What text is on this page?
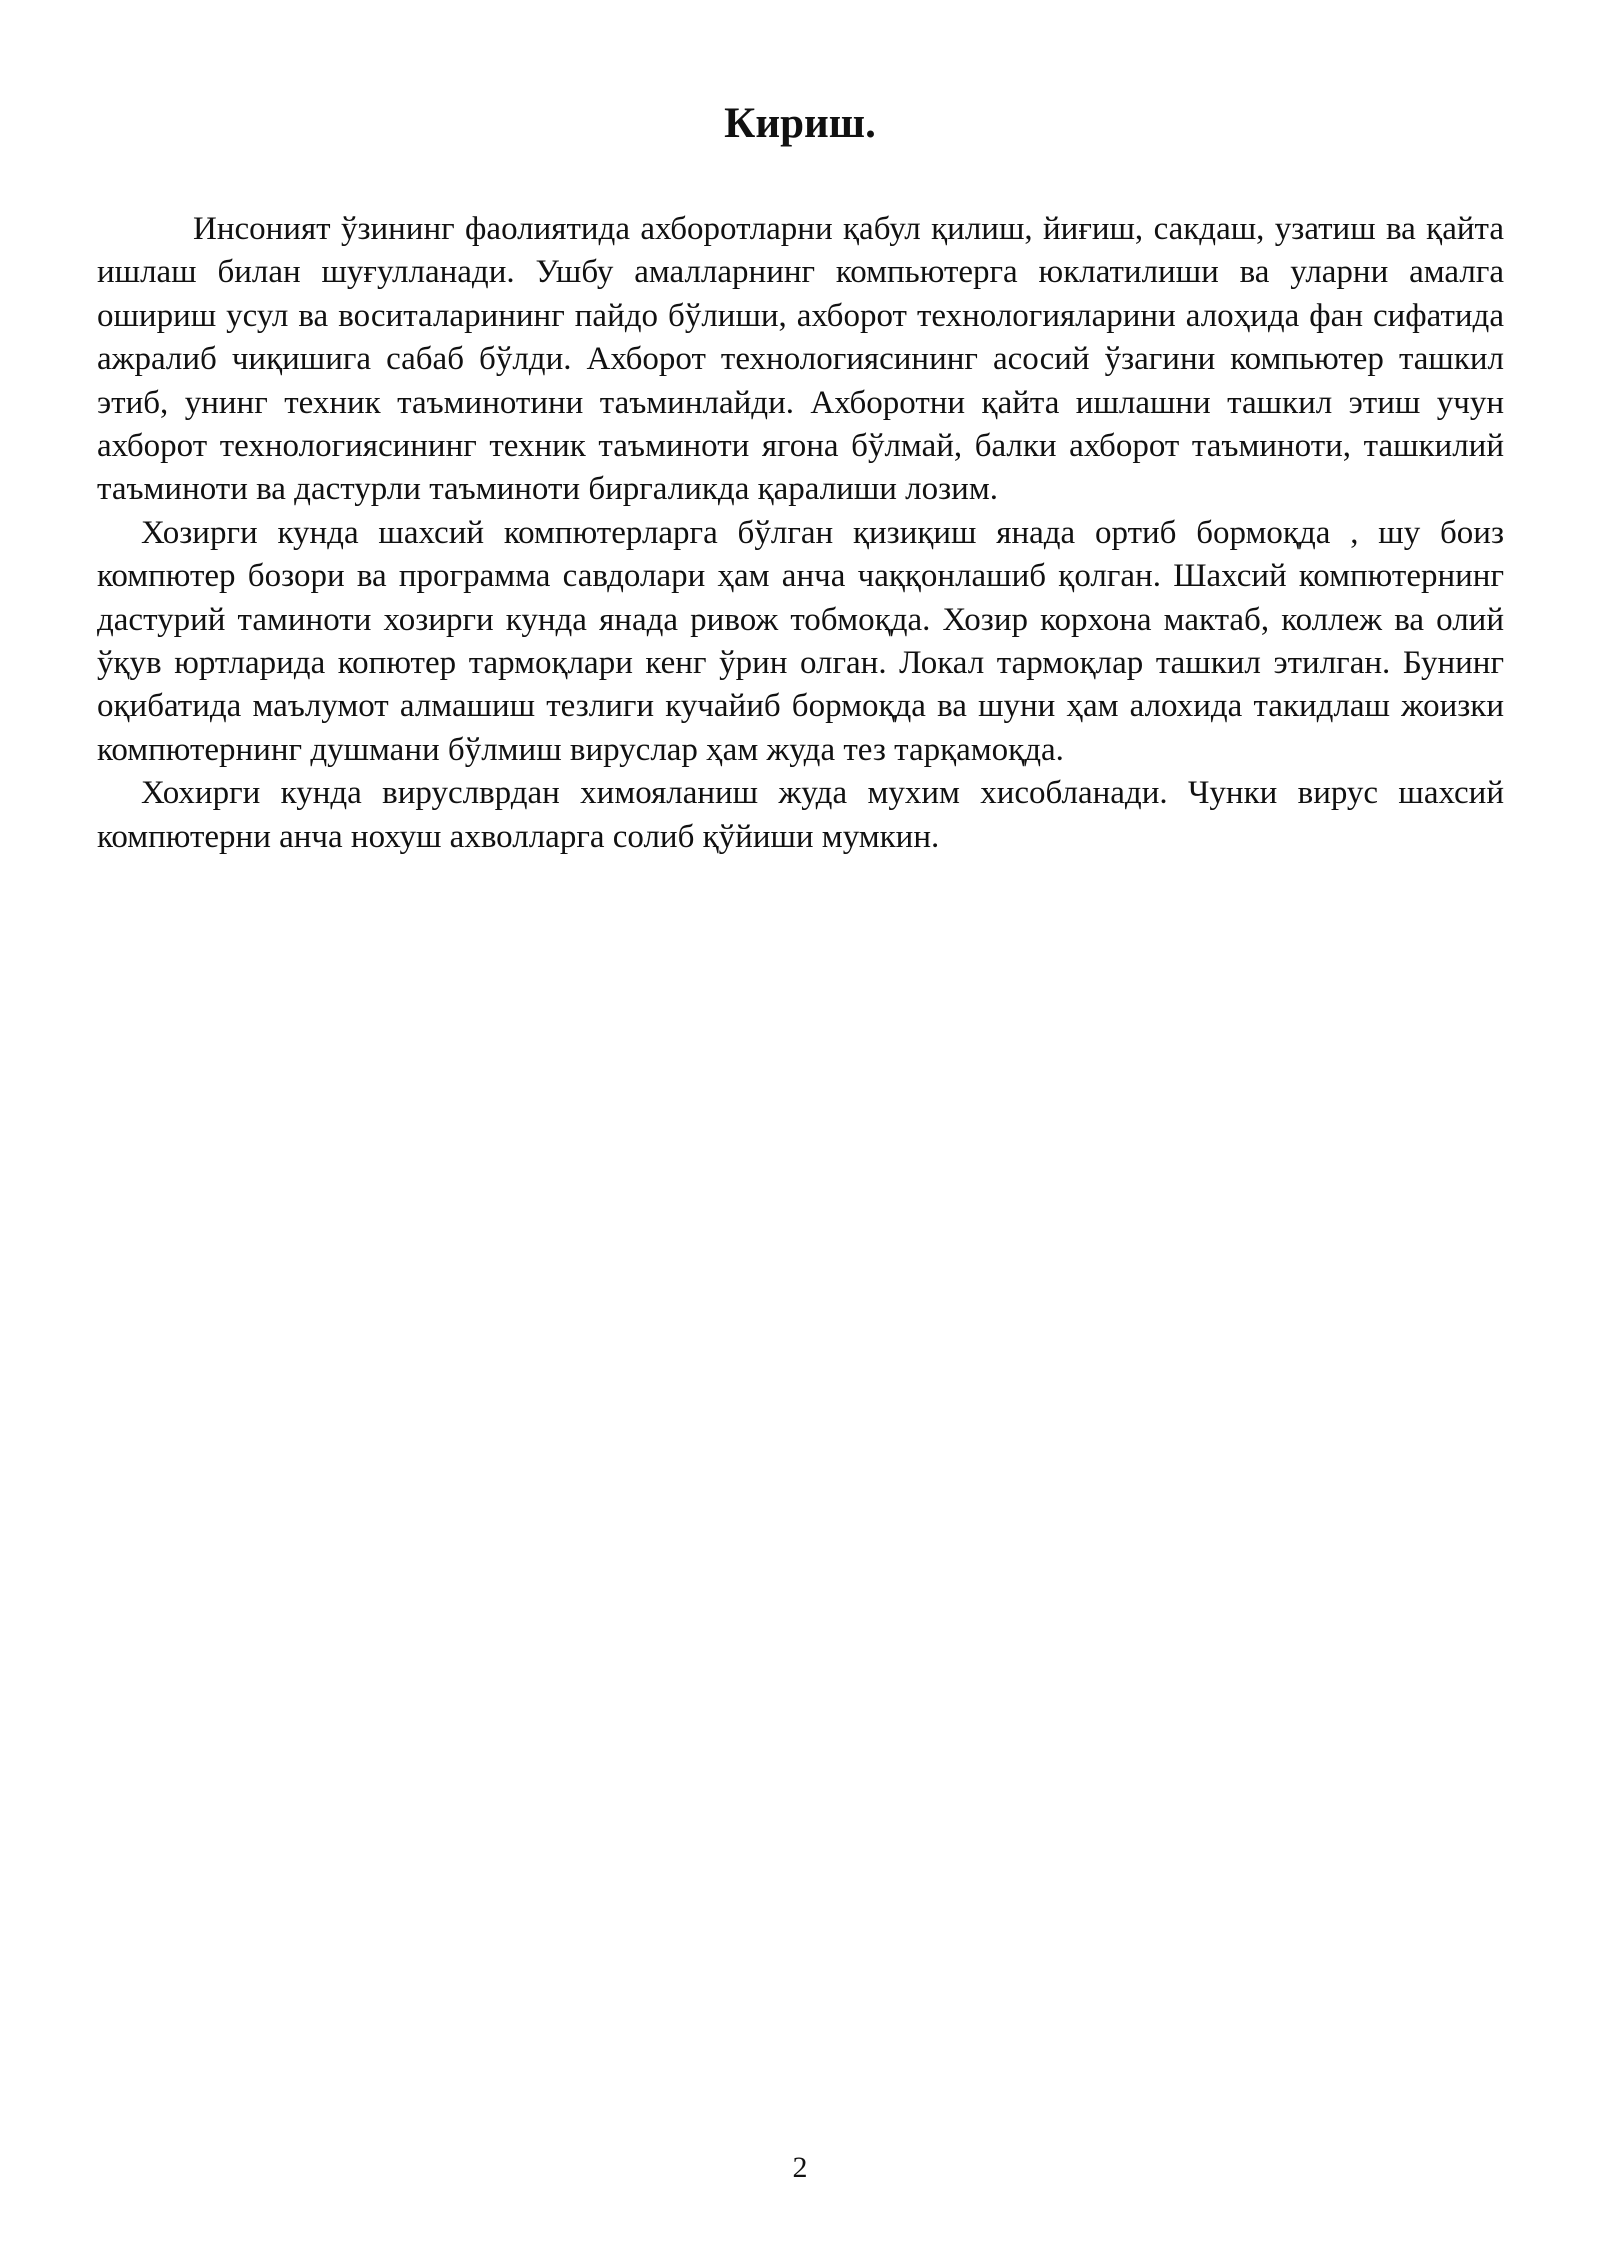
Кириш.

Инсоният ўзининг фаолиятида ахборотларни қабул қилиш, йиғиш, сакдаш, узатиш ва қайта ишлаш билан шуғулланади. Ушбу амалларнинг компьютерга юклатилиши ва уларни амалга ошириш усул ва воситаларининг пайдо бўлиши, ахборот технологияларини алоҳида фан сифатида ажралиб чиқишига сабаб бўлди. Ахборот технологиясининг асосий ўзагини компьютер ташкил этиб, унинг техник таъминотини таъминлайди. Ахборотни қайта ишлашни ташкил этиш учун ахборот технологиясининг техник таъминоти ягона бўлмай, балки ахборот таъминоти, ташкилий таъминоти ва дастурли таъминоти биргаликда қаралиши лозим.

Хозирги кунда шахсий компютерларга бўлган қизиқиш янада ортиб бормоқда , шу боиз компютер бозори ва программа савдолари ҳам анча чаққонлашиб қолган. Шахсий компютернинг дастурий таминоти хозирги кунда янада ривож тобмоқда. Хозир корхона мактаб, коллеж ва олий ўқув юртларида копютер тармоқлари кенг ўрин олган. Локал тармоқлар ташкил этилган. Бунинг оқибатида маълумот алмашиш тезлиги кучайиб бормоқда ва шуни ҳам алохида такидлаш жоизки компютернинг душмани бўлмиш вируслар ҳам жуда тез тарқамоқда.

Хохирги кунда вируслврдан химояланиш жуда мухим хисобланади. Чунки вирус шахсий компютерни анча нохуш ахволларга солиб қўйиши мумкин.

2
